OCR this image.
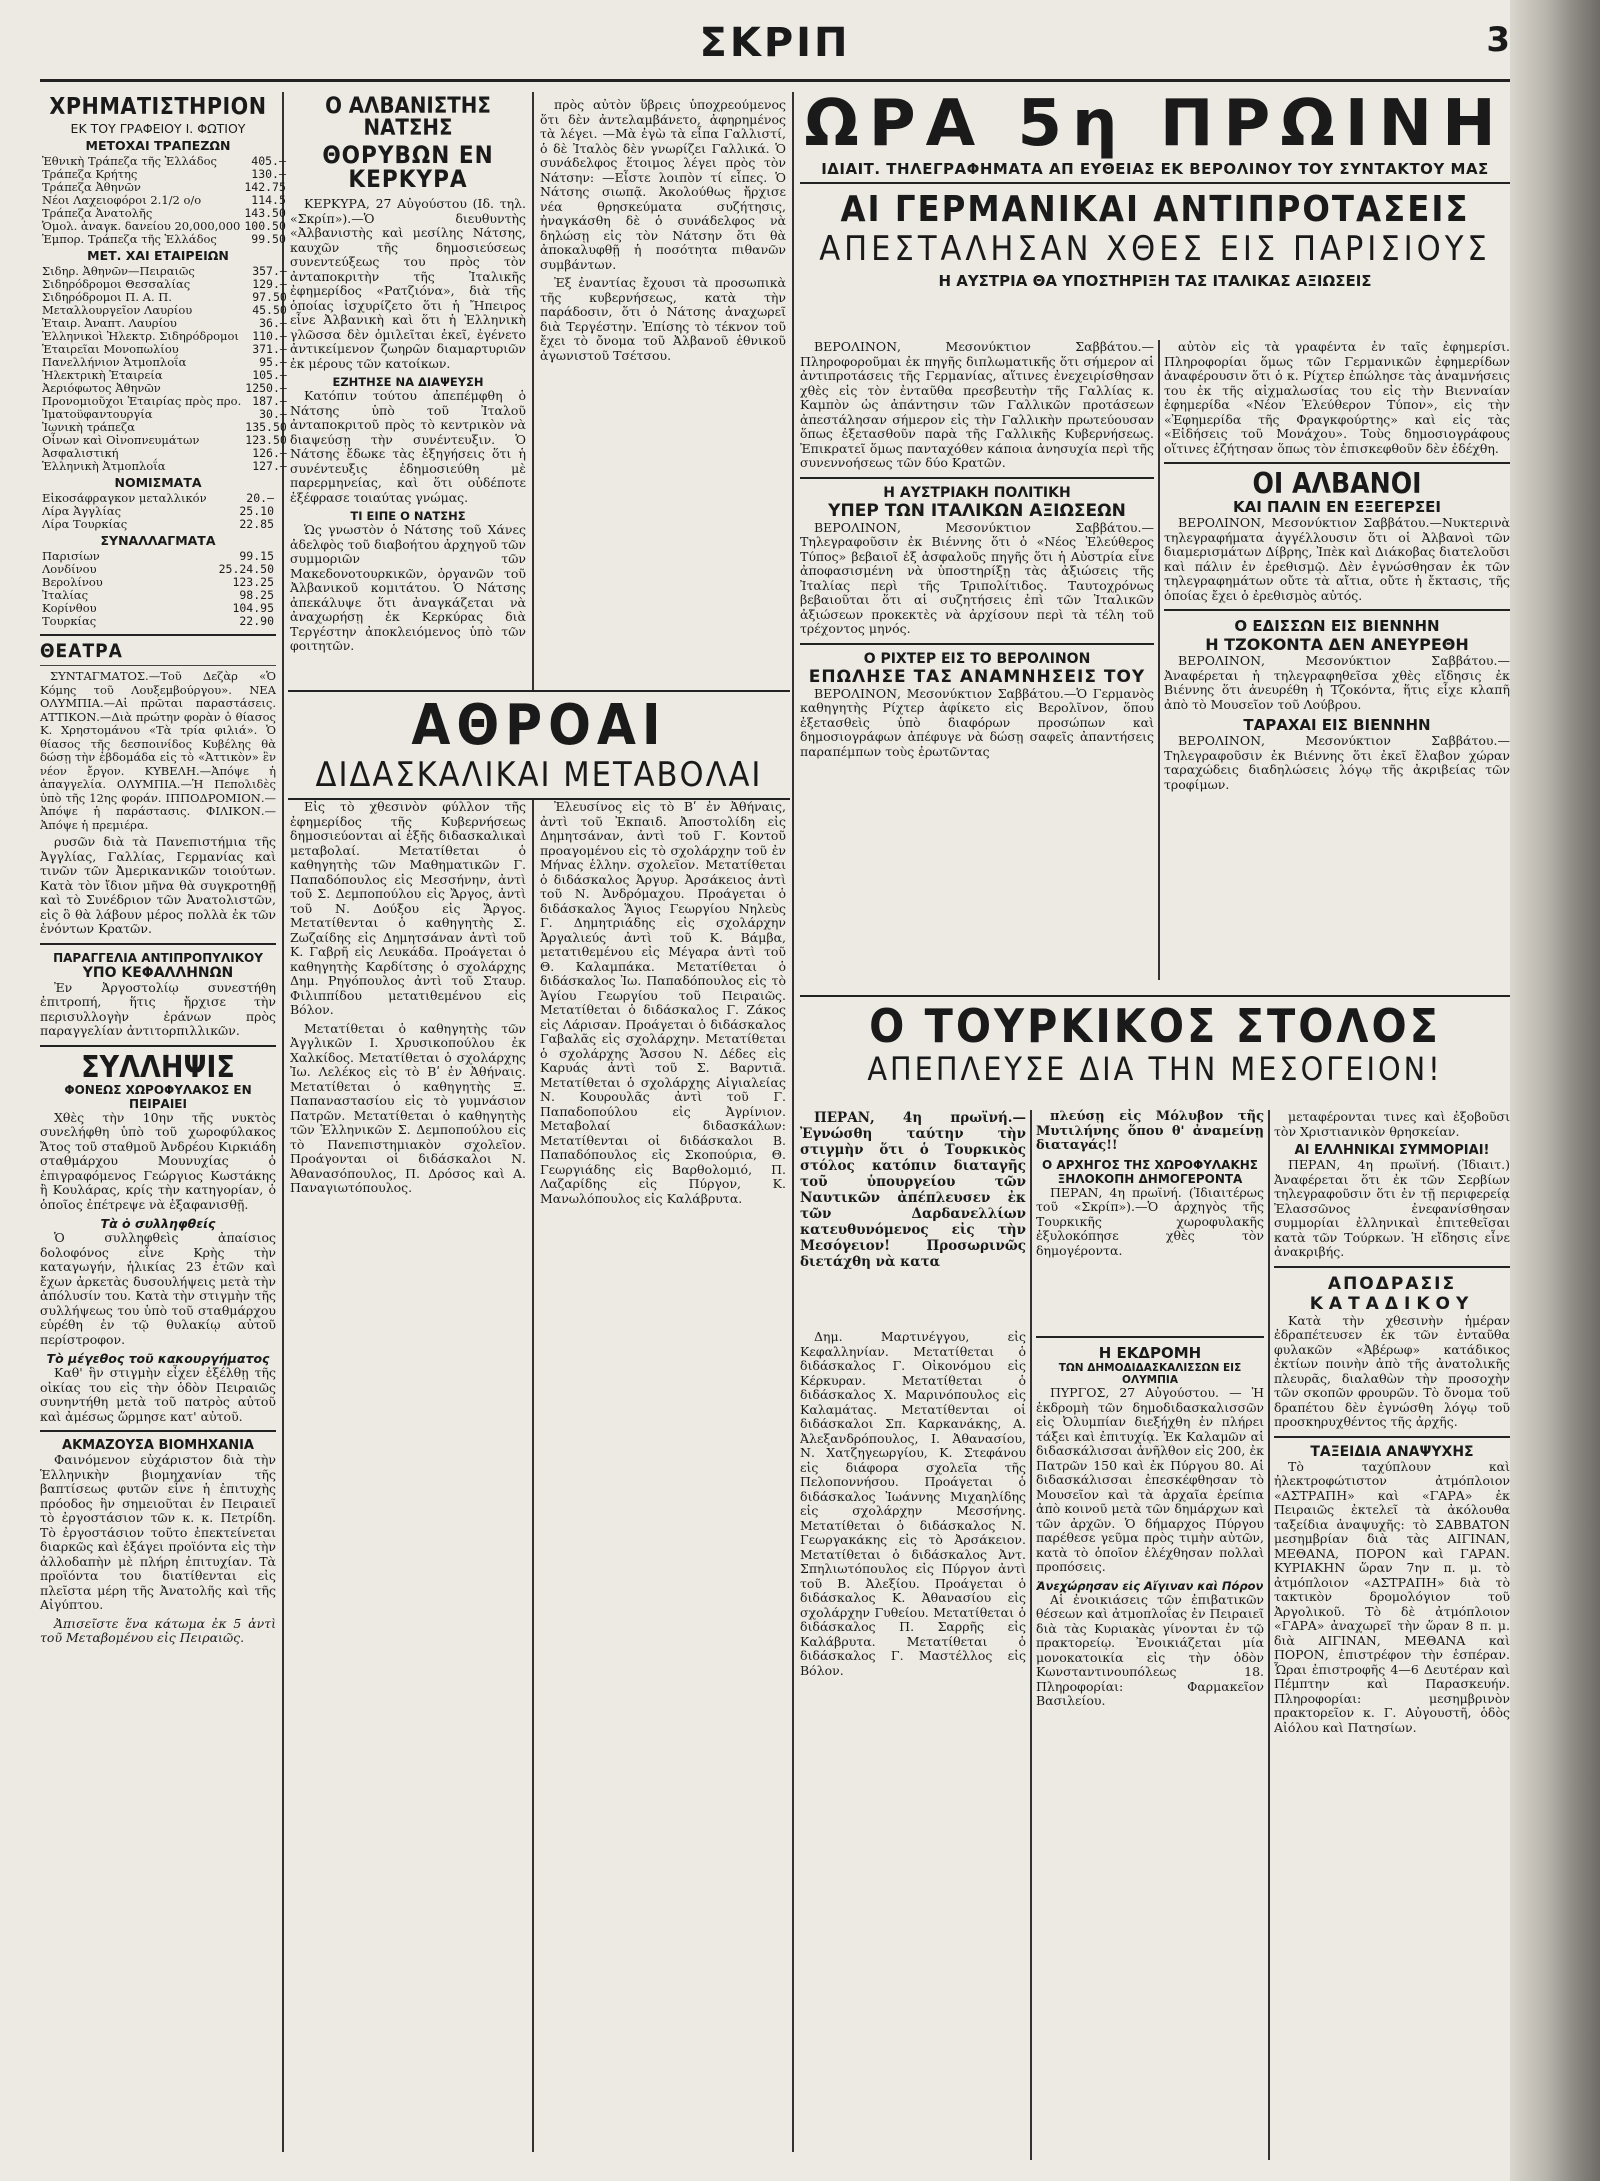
ΣΚΡΙΠ	3
ΧΡΗΜΑΤΙΣΤΗΡΙΟΝ
ΕΚ ΤΟΥ ΓΡΑΦΕΙΟΥ Ι. ΦΩΤΙΟΥ
ΜΕΤΟΧΑΙ ΤΡΑΠΕΖΩΝ
Ἐθνικὴ Τράπεζα τῆς Ἑλλάδος	405.—
Τράπεζα Κρήτης	130.—
Τράπεζα Ἀθηνῶν	142.75
Νέοι Λαχειοφόροι 2.1/2 ο/ο	114.5
Τράπεζα Ἀνατολῆς	143.50
Ὁμολ. ἀναγκ. δανείου 20,000,000	100.50
Ἐμπορ. Τράπεζα τῆς Ἑλλάδος	99.50
ΜΕΤ. ΧΑΙ ΕΤΑΙΡΕΙΩΝ
Σιδηρ. Ἀθηνῶν—Πειραιῶς	357.—
Σιδηρόδρομοι Θεσσαλίας	129.—
Σιδηρόδρομοι Π. Α. Π.	97.50
Μεταλλουργεῖον Λαυρίου	45.50
Ἑταιρ. Ἀναπτ. Λαυρίου	36.—
Ἑλληνικοὶ Ἠλεκτρ. Σιδηρόδρομοι	110.—
Ἑταιρεῖαι Μονοπωλίου	371.—
Πανελλήνιον Ἀτμοπλοΐα	95.—
Ἠλεκτρικὴ Ἑταιρεία	105.—
Ἀεριόφωτος Ἀθηνῶν	1250.—
Προνομιοῦχοι Ἑταιρίας πρὸς προ.	187.—
Ἰματοϋφαντουργία	30.—
Ἰωνικὴ τράπεζα	135.50
Οἶνων καὶ Οἰνοπνευμάτων	123.50
Ἀσφαλιστική	126.—
Ἑλληνικὴ Ἀτμοπλοΐα	127.—
ΝΟΜΙΣΜΑΤΑ
Εἰκοσάφραγκον μεταλλικόν	20.—
Λίρα Ἀγγλίας	25.10
Λίρα Τουρκίας	22.85
ΣΥΝΑΛΛΑΓΜΑΤΑ
Παρισίων	99.15
Λονδίνου	25.24.50
Βερολίνου	123.25
Ἰταλίας	98.25
Κορίνθου	104.95
Τουρκίας	22.90
ΘΕΑΤΡΑ

ΣΥΝΤΑΓΜΑΤΟΣ.—Τοῦ Δεζὰρ «Ὁ Κόμης τοῦ Λουξεμβούργου». ΝΕΑ ΟΛΥΜΠΙΑ.—Αἱ πρῶται παραστάσεις. ΑΤΤΙΚΟΝ.—Διὰ πρώτην φορὰν ὁ θίασος Κ. Χρηστομάνου «Τὰ τρία φιλιά». Ὁ θίασος τῆς δεσποινίδος Κυβέλης θὰ δώσῃ τὴν ἑβδομάδα εἰς τὸ «Ἀττικὸν» ἓν νέον ἔργον. ΚΥΒΕΛΗ.—Ἀπόψε ἡ ἀπαγγελία. ΟΛΥΜΠΙΑ.—Ἡ Πεπολιδὲς ὑπὸ τῆς 12ης φοράν. ΙΠΠΟΔΡΟΜΙΟΝ.—Ἀπόψε ἡ παράστασις. ΦΙΛΙΚΟΝ.—Ἀπόψε ἡ πρεμιέρα.

ρυσῶν διὰ τὰ Πανεπιστήμια τῆς Ἀγγλίας, Γαλλίας, Γερμανίας καὶ τινῶν τῶν Ἀμερικανικῶν τοιούτων. Κατὰ τὸν ἴδιον μῆνα θὰ συγκροτηθῇ καὶ τὸ Συνέδριον τῶν Ἀνατολιστῶν, εἰς ὃ θὰ λάβουν μέρος πολλὰ ἐκ τῶν ἐνόντων Κρατῶν.

ΠΑΡΑΓΓΕΛΙΑ ΑΝΤΙΠΡΟΠΥΛΙΚΟΥ
ΥΠΟ ΚΕΦΑΛΛΗΝΩΝ

Ἐν Ἀργοστολίῳ συνεστήθη ἐπιτροπή, ἥτις ἤρχισε τὴν περισυλλογὴν ἐράνων πρὸς παραγγελίαν ἀντιτορπιλλικῶν.

ΣΥΛΛΗΨΙΣ
ΦΟΝΕΩΣ ΧΩΡΟΦΥΛΑΚΟΣ ΕΝ ΠΕΙΡΑΙΕΙ

Χθὲς τὴν 10ην τῆς νυκτὸς συνελήφθη ὑπὸ τοῦ χωροφύλακος Ἄτος τοῦ σταθμοῦ Ἀνδρέου Κιρκιάδη σταθμάρχου Μουνυχίας ὁ ἐπιγραφόμενος Γεώργιος Κωστάκης ἢ Κουλάρας, κρίς τὴν κατηγορίαν, ὁ ὁποῖος ἐπέτρεψε νὰ ἐξαφανισθῇ.

Τὰ ὁ συλληφθείς

Ὁ συλληφθεὶς ἀπαίσιος δολοφόνος εἶνε Κρὴς τὴν καταγωγήν, ἡλικίας 23 ἐτῶν καὶ ἔχων ἀρκετὰς δυσουλήψεις μετὰ τὴν ἀπόλυσίν του. Κατὰ τὴν στιγμὴν τῆς συλλήψεως του ὑπὸ τοῦ σταθμάρχου εὑρέθη ἐν τῷ θυλακίῳ αὐτοῦ περίστροφον.

Τὸ μέγεθος τοῦ κακουργήματος

Καθ' ἣν στιγμὴν εἶχεν ἐξέλθῃ τῆς οἰκίας του εἰς τὴν ὁδὸν Πειραιῶς συνηντήθη μετὰ τοῦ πατρὸς αὐτοῦ καὶ ἀμέσως ὥρμησε κατ' αὐτοῦ.

ΑΚΜΑΖΟΥΣΑ ΒΙΟΜΗΧΑΝΙΑ

Φαινόμενον εὐχάριστον διὰ τὴν Ἑλληνικὴν βιομηχανίαν τῆς βαπτίσεως φυτῶν εἶνε ἡ ἐπιτυχὴς πρόοδος ἣν σημειοῦται ἐν Πειραιεῖ τὸ ἐργοστάσιον τῶν κ. κ. Πετρίδη. Τὸ ἐργοστάσιον τοῦτο ἐπεκτείνεται διαρκῶς καὶ ἐξάγει προϊόντα εἰς τὴν ἀλλοδαπὴν μὲ πλήρη ἐπιτυχίαν. Τὰ προϊόντα του διατίθενται εἰς πλεῖστα μέρη τῆς Ἀνατολῆς καὶ τῆς Αἰγύπτου.

Ἀπισεῖστε ἕνα κάτωμα ἐκ 5 ἀντὶ τοῦ Μεταβομένου εἰς Πειραιῶς.

Ο ΑΛΒΑΝΙΣΤΗΣ ΝΑΤΣΗΣ
ΘΟΡΥΒΩΝ ΕΝ ΚΕΡΚΥΡΑ

ΚΕΡΚΥΡΑ, 27 Αὐγούστου (Ιδ. τηλ. «Σκρίπ»).—Ὁ διευθυντὴς «Ἀλβανιστὴς καὶ μεσίλης Νάτσης, καυχῶν τῆς δημοσιεύσεως συνεντεύξεως του πρὸς τὸν ἀνταποκριτὴν τῆς Ἰταλικῆς ἐφημερίδος «Ρατζιόνα», διὰ τῆς ὁποίας ἰσχυρίζετο ὅτι ἡ Ἤπειρος εἶνε Ἀλβανικὴ καὶ ὅτι ἡ Ἑλληνικὴ γλῶσσα δὲν ὁμιλεῖται ἐκεῖ, ἐγένετο ἀντικείμενον ζωηρῶν διαμαρτυριῶν ἐκ μέρους τῶν κατοίκων.

ΕΖΗΤΗΣΕ ΝΑ ΔΙΑΨΕΥΣΗ

Κατόπιν τούτου ἀπεπέμφθη ὁ Νάτσης ὑπὸ τοῦ Ἰταλοῦ ἀνταποκριτοῦ πρὸς τὸ κεντρικὸν νὰ διαψεύσῃ τὴν συνέντευξιν. Ὁ Νάτσης ἔδωκε τὰς ἐξηγήσεις ὅτι ἡ συνέντευξις ἐδημοσιεύθη μὲ παρερμηνείας, καὶ ὅτι οὐδέποτε ἐξέφρασε τοιαύτας γνώμας.

ΤΙ ΕΙΠΕ Ο ΝΑΤΣΗΣ

Ὡς γνωστὸν ὁ Νάτσης τοῦ Χάνες ἀδελφὸς τοῦ διαβοήτου ἀρχηγοῦ τῶν συμμοριῶν τῶν Μακεδονοτουρκικῶν, ὀργανῶν τοῦ Ἀλβανικοῦ κομιτάτου. Ὁ Νάτσης ἀπεκάλυψε ὅτι ἀναγκάζεται νὰ ἀναχωρήσῃ ἐκ Κερκύρας διὰ Τεργέστην ἀποκλειόμενος ὑπὸ τῶν φοιτητῶν.

πρὸς αὐτὸν ὕβρεις ὑποχρεούμενος ὅτι δὲν ἀντελαμβάνετο, ἀφηρημένος τὰ λέγει. —Μὰ ἐγὼ τὰ εἶπα Γαλλιστί, ὁ δὲ Ἰταλὸς δὲν γνωρίζει Γαλλικά. Ὁ συνάδελφος ἕτοιμος λέγει πρὸς τὸν Νάτσην: —Εἶστε λοιπὸν τί εἶπες. Ὁ Νάτσης σιωπᾷ. Ἀκολούθως ἤρχισε νέα θρησκεύματα συζήτησις, ἠναγκάσθη δὲ ὁ συνάδελφος νὰ δηλώσῃ εἰς τὸν Νάτσην ὅτι θὰ ἀποκαλυφθῇ ἡ ποσότητα πιθανῶν συμβάντων.

Ἐξ ἐναντίας ἔχουσι τὰ προσωπικὰ τῆς κυβερνήσεως, κατὰ τὴν παράδοσιν, ὅτι ὁ Νάτσης ἀναχωρεῖ διὰ Τεργέστην. Ἐπίσης τὸ τέκνον τοῦ ἔχει τὸ ὄνομα τοῦ Ἀλβανοῦ ἐθνικοῦ ἀγωνιστοῦ Τσέτσου.

ΑΘΡΟΑΙ
ΔΙΔΑΣΚΑΛΙΚΑΙ ΜΕΤΑΒΟΛΑΙ

Εἰς τὸ χθεσινὸν φύλλον τῆς ἐφημερίδος τῆς Κυβερνήσεως δημοσιεύονται αἱ ἑξῆς διδασκαλικαὶ μεταβολαί. Μετατίθεται ὁ καθηγητὴς τῶν Μαθηματικῶν Γ. Παπαδόπουλος εἰς Μεσσήνην, ἀντὶ τοῦ Σ. Δεμποπούλου εἰς Ἄργος, ἀντὶ τοῦ Ν. Δούξου εἰς Ἄργος. Μετατίθενται ὁ καθηγητὴς Σ. Ζωζαίδης εἰς Δημητσάναν ἀντὶ τοῦ Κ. Γαβρῆ εἰς Λευκάδα. Προάγεται ὁ καθηγητὴς Καρδίτσης ὁ σχολάρχης Δημ. Ρηγόπουλος ἀντὶ τοῦ Σταυρ. Φιλιππίδου μετατιθεμένου εἰς Βόλον.

Μετατίθεται ὁ καθηγητὴς τῶν Ἀγγλικῶν Ι. Χρυσικοπούλου ἐκ Χαλκίδος. Μετατίθεται ὁ σχολάρχης Ἰω. Λελέκος εἰς τὸ Βʹ ἐν Ἀθήναις. Μετατίθεται ὁ καθηγητὴς Ξ. Παπαναστασίου εἰς τὸ γυμνάσιον Πατρῶν. Μετατίθεται ὁ καθηγητὴς τῶν Ἑλληνικῶν Σ. Δεμποπούλου εἰς τὸ Πανεπιστημιακὸν σχολεῖον. Προάγονται οἱ διδάσκαλοι Ν. Ἀθανασόπουλος, Π. Δρόσος καὶ Α. Παναγιωτόπουλος.

Ἐλευσίνος εἰς τὸ Βʹ ἐν Ἀθήναις, ἀντὶ τοῦ Ἐκπαιδ. Ἀποστολίδη εἰς Δημητσάναν, ἀντὶ τοῦ Γ. Κοντοῦ προαγομένου εἰς τὸ σχολάρχην τοῦ ἐν Μήνας ἑλλην. σχολεῖον. Μετατίθεται ὁ διδάσκαλος Ἀργυρ. Ἀρσάκειος ἀντὶ τοῦ Ν. Ἀνδρόμαχου. Προάγεται ὁ διδάσκαλος Ἅγιος Γεωργίου Νηλεὺς Γ. Δημητριάδης εἰς σχολάρχην Ἀργαλιεύς ἀντὶ τοῦ Κ. Βάμβα, μετατιθεμένου εἰς Μέγαρα ἀντὶ τοῦ Θ. Καλαμπάκα. Μετατίθεται ὁ διδάσκαλος Ἰω. Παπαδόπουλος εἰς τὸ Ἁγίου Γεωργίου τοῦ Πειραιῶς. Μετατίθεται ὁ διδάσκαλος Γ. Ζάκος εἰς Λάρισαν. Προάγεται ὁ διδάσκαλος Γαβαλᾶς εἰς σχολάρχην. Μετατίθεται ὁ σχολάρχης Ἄσσου Ν. Δέδες εἰς Καρυάς ἀντὶ τοῦ Σ. Βαρντιᾶ. Μετατίθεται ὁ σχολάρχης Αἰγιαλείας Ν. Κουρουλᾶς ἀντὶ τοῦ Γ. Παπαδοπούλου εἰς Ἀγρίνιον. Μεταβολαί διδασκάλων: Μετατίθενται οἱ διδάσκαλοι Β. Παπαδόπουλος εἰς Σκοπούρια, Θ. Γεωργιάδης εἰς Βαρθολομιό, Π. Λαζαρίδης εἰς Πύργον, Κ. Μανωλόπουλος εἰς Καλάβρυτα.

ΩΡΑ 5η ΠΡΩΙΝΗ
ΙΔΙΑΙΤ. ΤΗΛΕΓΡΑΦΗΜΑΤΑ ΑΠ ΕΥΘΕΙΑΣ ΕΚ ΒΕΡΟΛΙΝΟΥ ΤΟΥ ΣΥΝΤΑΚΤΟΥ ΜΑΣ
ΑΙ ΓΕΡΜΑΝΙΚΑΙ ΑΝΤΙΠΡΟΤΑΣΕΙΣ
ΑΠΕΣΤΑΛΗΣΑΝ ΧΘΕΣ ΕΙΣ ΠΑΡΙΣΙΟΥΣ
Η ΑΥΣΤΡΙΑ ΘΑ ΥΠΟΣΤΗΡΙΞΗ ΤΑΣ ΙΤΑΛΙΚΑΣ ΑΞΙΩΣΕΙΣ

ΒΕΡΟΛΙΝΟΝ, Μεσονύκτιον Σαββάτου.—Πληροφοροῦμαι ἐκ πηγῆς διπλωματικῆς ὅτι σήμερον αἱ ἀντιπροτάσεις τῆς Γερμανίας, αἵτινες ἐνεχειρίσθησαν χθὲς εἰς τὸν ἐνταῦθα πρεσβευτὴν τῆς Γαλλίας κ. Καμπὸν ὡς ἀπάντησιν τῶν Γαλλικῶν προτάσεων ἀπεστάλησαν σήμερον εἰς τὴν Γαλλικὴν πρωτεύουσαν ὅπως ἐξετασθοῦν παρὰ τῆς Γαλλικῆς Κυβερνήσεως. Ἐπικρατεῖ ὅμως πανταχόθεν κάποια ἀνησυχία περὶ τῆς συνεννοήσεως τῶν δύο Κρατῶν.

Η ΑΥΣΤΡΙΑΚΗ ΠΟΛΙΤΙΚΗ
ΥΠΕΡ ΤΩΝ ΙΤΑΛΙΚΩΝ ΑΞΙΩΣΕΩΝ

ΒΕΡΟΛΙΝΟΝ, Μεσονύκτιον Σαββάτου.—Τηλεγραφοῦσιν ἐκ Βιέννης ὅτι ὁ «Νέος Ἐλεύθερος Τύπος» βεβαιοῖ ἐξ ἀσφαλοῦς πηγῆς ὅτι ἡ Αὐστρία εἶνε ἀποφασισμένη νὰ ὑποστηρίξῃ τὰς ἀξιώσεις τῆς Ἰταλίας περὶ τῆς Τριπολίτιδος. Ταυτοχρόνως βεβαιοῦται ὅτι αἱ συζητήσεις ἐπὶ τῶν Ἰταλικῶν ἀξιώσεων προκεκτὲς νὰ ἀρχίσουν περὶ τὰ τέλη τοῦ τρέχοντος μηνός.

Ο ΡΙΧΤΕΡ ΕΙΣ ΤΟ ΒΕΡΟΛΙΝΟΝ
ΕΠΩΛΗΣΕ ΤΑΣ ΑΝΑΜΝΗΣΕΙΣ ΤΟΥ

ΒΕΡΟΛΙΝΟΝ, Μεσονύκτιον Σαββάτου.—Ὁ Γερμανὸς καθηγητὴς Ρίχτερ ἀφίκετο εἰς Βερολῖνον, ὅπου ἐξετασθεὶς ὑπὸ διαφόρων προσώπων καὶ δημοσιογράφων ἀπέφυγε νὰ δώσῃ σαφεῖς ἀπαντήσεις παραπέμπων τοὺς ἐρωτῶντας

αὐτὸν εἰς τὰ γραφέντα ἐν ταῖς ἐφημερίσι. Πληροφορίαι ὅμως τῶν Γερμανικῶν ἐφημερίδων ἀναφέρουσιν ὅτι ὁ κ. Ρίχτερ ἐπώλησε τὰς ἀναμνήσεις του ἐκ τῆς αἰχμαλωσίας του εἰς τὴν Βιενναίαν ἐφημερίδα «Νέον Ἐλεύθερον Τύπον», εἰς τὴν «Ἐφημερίδα τῆς Φραγκφούρτης» καὶ εἰς τὰς «Εἰδήσεις τοῦ Μονάχου». Τοὺς δημοσιογράφους οἵτινες ἐζήτησαν ὅπως τὸν ἐπισκεφθοῦν δὲν ἐδέχθη.

ΟΙ ΑΛΒΑΝΟΙ
ΚΑΙ ΠΑΛΙΝ ΕΝ ΕΞΕΓΕΡΣΕΙ

ΒΕΡΟΛΙΝΟΝ, Μεσονύκτιον Σαββάτου.—Νυκτερινὰ τηλεγραφήματα ἀγγέλλουσιν ὅτι οἱ Ἀλβανοὶ τῶν διαμερισμάτων Δίβρης, Ἰπὲκ καὶ Διάκοβας διατελοῦσι καὶ πάλιν ἐν ἐρεθισμῷ. Δὲν ἐγνώσθησαν ἐκ τῶν τηλεγραφημάτων οὔτε τὰ αἴτια, οὔτε ἡ ἔκτασις, τῆς ὁποίας ἔχει ὁ ἐρεθισμὸς αὐτός.

Ο ΕΔΙΣΣΩΝ ΕΙΣ ΒΙΕΝΝΗΝ
Η ΤΖΟΚΟΝΤΑ ΔΕΝ ΑΝΕΥΡΕΘΗ

ΒΕΡΟΛΙΝΟΝ, Μεσονύκτιον Σαββάτου.—Ἀναφέρεται ἡ τηλεγραφηθεῖσα χθὲς εἴδησις ἐκ Βιέννης ὅτι ἀνευρέθη ἡ Τζοκόντα, ἥτις εἶχε κλαπῆ ἀπὸ τὸ Μουσεῖον τοῦ Λούβρου.

ΤΑΡΑΧΑΙ ΕΙΣ ΒΙΕΝΝΗΝ

ΒΕΡΟΛΙΝΟΝ, Μεσονύκτιον Σαββάτου.—Τηλεγραφοῦσιν ἐκ Βιέννης ὅτι ἐκεῖ ἔλαβον χώραν ταραχώδεις διαδηλώσεις λόγῳ τῆς ἀκριβείας τῶν τροφίμων.

Ο ΤΟΥΡΚΙΚΟΣ ΣΤΟΛΟΣ
ΑΠΕΠΛΕΥΣΕ ΔΙΑ ΤΗΝ ΜΕΣΟΓΕΙΟΝ!

ΠΕΡΑΝ, 4η πρωϊνή.—Ἐγνώσθη ταύτην τὴν στιγμὴν ὅτι ὁ Τουρκικὸς στόλος κατόπιν διαταγῆς τοῦ ὑπουργείου τῶν Ναυτικῶν ἀπέπλευσεν ἐκ τῶν Δαρδανελλίων κατευθυνόμενος εἰς τὴν Μεσόγειον! Προσωρινῶς διετάχθη νὰ κατα

πλεύσῃ εἰς Μόλυβον τῆς Μυτιλήνης ὅπου θ' ἀναμείνῃ διαταγάς!!

Ο ΑΡΧΗΓΟΣ ΤΗΣ ΧΩΡΟΦΥΛΑΚΗΣ
ΞΗΛΟΚΟΠΗ ΔΗΜΟΓΕΡΟΝΤΑ

ΠΕΡΑΝ, 4η πρωϊνή. (Ἰδιαιτέρως τοῦ «Σκρίπ»).—Ὁ ἀρχηγὸς τῆς Τουρκικῆς χωροφυλακῆς ἐξυλοκόπησε χθὲς τὸν δημογέροντα.

Δημ. Μαρτινέγγου, εἰς Κεφαλληνίαν. Μετατίθεται ὁ διδάσκαλος Γ. Οἰκονόμου εἰς Κέρκυραν. Μετατίθεται ὁ διδάσκαλος Χ. Μαρινόπουλος εἰς Καλαμάτας. Μετατίθενται οἱ διδάσκαλοι Σπ. Καρκανάκης, Α. Ἀλεξανδρόπουλος, Ι. Ἀθανασίου, Ν. Χατζηγεωργίου, Κ. Στεφάνου εἰς διάφορα σχολεῖα τῆς Πελοποννήσου. Προάγεται ὁ διδάσκαλος Ἰωάννης Μιχαηλίδης εἰς σχολάρχην Μεσσήνης. Μετατίθεται ὁ διδάσκαλος Ν. Γεωργακάκης εἰς τὸ Ἀρσάκειον. Μετατίθεται ὁ διδάσκαλος Ἀντ. Σπηλιωτόπουλος εἰς Πύργον ἀντὶ τοῦ Β. Ἀλεξίου. Προάγεται ὁ διδάσκαλος Κ. Ἀθανασίου εἰς σχολάρχην Γυθείου. Μετατίθεται ὁ διδάσκαλος Π. Σαρρῆς εἰς Καλάβρυτα. Μετατίθεται ὁ διδάσκαλος Γ. Μαστέλλος εἰς Βόλον.

Η ΕΚΔΡΟΜΗ
ΤΩΝ ΔΗΜΟΔΙΔΑΣΚΑΛΙΣΣΩΝ ΕΙΣ ΟΛΥΜΠΙΑ

ΠΥΡΓΟΣ, 27 Αὐγούστου. — Ἡ ἐκδρομὴ τῶν δημοδιδασκαλισσῶν εἰς Ὀλυμπίαν διεξήχθη ἐν πλήρει τάξει καὶ ἐπιτυχίᾳ. Ἐκ Καλαμῶν αἱ διδασκάλισσαι ἀνῆλθον εἰς 200, ἐκ Πατρῶν 150 καὶ ἐκ Πύργου 80. Αἱ διδασκάλισσαι ἐπεσκέφθησαν τὸ Μουσεῖον καὶ τὰ ἀρχαῖα ἐρείπια ἀπὸ κοινοῦ μετὰ τῶν δημάρχων καὶ τῶν ἀρχῶν. Ὁ δήμαρχος Πύργου παρέθεσε γεῦμα πρὸς τιμὴν αὐτῶν, κατὰ τὸ ὁποῖον ἐλέχθησαν πολλαὶ προπόσεις.

Ἀνεχώρησαν εἰς Αἴγιναν καὶ Πόρον

Αἱ ἐνοικιάσεις τῶν ἐπιβατικῶν θέσεων καὶ ἀτμοπλοΐας ἐν Πειραιεῖ διὰ τὰς Κυριακὰς γίνονται ἐν τῷ πρακτορείῳ. Ἐνοικιάζεται μία μονοκατοικία εἰς τὴν ὁδὸν Κωνσταντινουπόλεως 18. Πληροφορίαι: Φαρμακεῖον Βασιλείου.

μεταφέρονται τινες καὶ ἐξοβοῦσι τὸν Χριστιανικὸν θρησκείαν.

ΑΙ ΕΛΛΗΝΙΚΑΙ ΣΥΜΜΟΡΙΑΙ!

ΠΕΡΑΝ, 4η πρωϊνή. (Ἰδιαιτ.) Ἀναφέρεται ὅτι ἐκ τῶν Σερβίων τηλεγραφοῦσιν ὅτι ἐν τῇ περιφερείᾳ Ἐλασσῶνος ἐνεφανίσθησαν συμμορίαι ἐλληνικαὶ ἐπιτεθεῖσαι κατὰ τῶν Τούρκων. Ἡ εἴδησις εἶνε ἀνακριβής.

ΑΠΟΔΡΑΣΙΣ
ΚΑΤΑΔΙΚΟΥ

Κατὰ τὴν χθεσινὴν ἡμέραν ἐδραπέτευσεν ἐκ τῶν ἐνταῦθα φυλακῶν «Ἀβέρωφ» κατάδικος ἐκτίων ποινὴν ἀπὸ τῆς ἀνατολικῆς πλευρᾶς, διαλαθὼν τὴν προσοχὴν τῶν σκοπῶν φρουρῶν. Τὸ ὄνομα τοῦ δραπέτου δὲν ἐγνώσθη λόγῳ τοῦ προσκηρυχθέντος τῆς ἀρχῆς.

ΤΑΞΕΙΔΙΑ ΑΝΑΨΥΧΗΣ

Τὸ ταχύπλουν καὶ ἠλεκτροφώτιστον ἀτμόπλοιον «ΑΣΤΡΑΠΗ» καὶ «ΓΑΡΑ» ἐκ Πειραιῶς ἐκτελεῖ τὰ ἀκόλουθα ταξείδια ἀναψυχῆς: τὸ ΣΑΒΒΑΤΟΝ μεσημβρίαν διὰ τὰς ΑΙΓΙΝΑΝ, ΜΕΘΑΝΑ, ΠΟΡΟΝ καὶ ΓΑΡΑΝ. ΚΥΡΙΑΚΗΝ ὥραν 7ην π. μ. τὸ ἀτμόπλοιον «ΑΣΤΡΑΠΗ» διὰ τὸ τακτικὸν δρομολόγιον τοῦ Ἀργολικοῦ. Τὸ δὲ ἀτμόπλοιον «ΓΑΡΑ» ἀναχωρεῖ τὴν ὥραν 8 π. μ. διὰ ΑΙΓΙΝΑΝ, ΜΕΘΑΝΑ καὶ ΠΟΡΟΝ, ἐπιστρέφον τὴν ἑσπέραν. Ὧραι ἐπιστροφῆς 4—6 Δευτέραν καὶ Πέμπτην καὶ Παρασκευήν. Πληροφορίαι: μεσημβρινὸν πρακτορεῖον κ. Γ. Αὐγουστῆ, ὁδὸς Αἰόλου καὶ Πατησίων.
